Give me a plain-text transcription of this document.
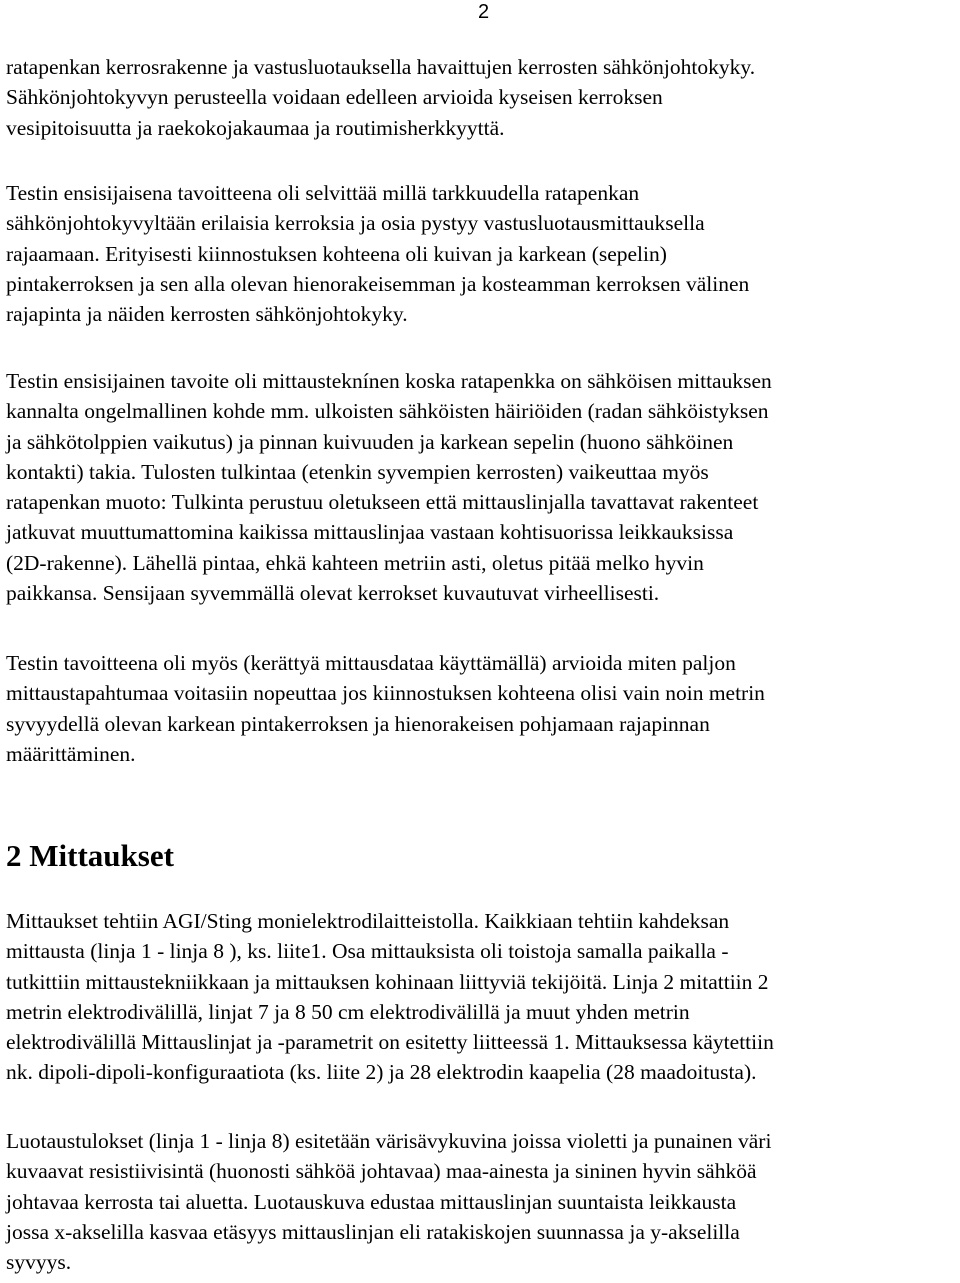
2

ratapenkan kerrosrakenne ja vastusluotauksella havaittujen kerrosten sähkönjohtokyky.
Sähkönjohtokyvyn perusteella voidaan edelleen arvioida kyseisen kerroksen
vesipitoisuutta ja raekokojakaumaa ja routimisherkkyyttä.

Testin ensisijaisena tavoitteena oli selvittää millä tarkkuudella ratapenkan
sähkönjohtokyvyltään erilaisia kerroksia ja osia pystyy vastusluotausmittauksella
rajaamaan. Erityisesti kiinnostuksen kohteena oli kuivan ja karkean (sepelin)
pintakerroksen ja sen alla olevan hienorakeisemman ja kosteamman kerroksen välinen
rajapinta ja näiden kerrosten sähkönjohtokyky.

Testin ensisijainen tavoite oli mittausteknínen koska ratapenkka on sähköisen mittauksen
kannalta ongelmallinen kohde mm. ulkoisten sähköisten häiriöiden (radan sähköistyksen
ja sähkötolppien vaikutus) ja pinnan kuivuuden ja karkean sepelin (huono sähköinen
kontakti) takia. Tulosten tulkintaa (etenkin syvempien kerrosten) vaikeuttaa myös
ratapenkan muoto: Tulkinta perustuu oletukseen että mittauslinjalla tavattavat rakenteet
jatkuvat muuttumattomina kaikissa mittauslinjaa vastaan kohtisuorissa leikkauksissa
(2D-rakenne). Lähellä pintaa, ehkä kahteen metriin asti, oletus pitää melko hyvin
paikkansa. Sensijaan syvemmällä olevat kerrokset kuvautuvat virheellisesti.

Testin tavoitteena oli myös (kerättyä mittausdataa käyttämällä) arvioida miten paljon
mittaustapahtumaa voitasiin nopeuttaa jos kiinnostuksen kohteena olisi vain noin metrin
syvyydellä olevan karkean pintakerroksen ja hienorakeisen pohjamaan rajapinnan
määrittäminen.

2 Mittaukset

Mittaukset tehtiin AGI/Sting monielektrodilaitteistolla. Kaikkiaan tehtiin kahdeksan
mittausta (linja 1 - linja 8 ), ks. liite1. Osa mittauksista oli toistoja samalla paikalla -
tutkittiin mittaustekniikkaan ja mittauksen kohinaan liittyviä tekijöitä. Linja 2 mitattiin 2
metrin elektrodivälillä, linjat 7 ja 8 50 cm elektrodivälillä ja muut yhden metrin
elektrodivälillä Mittauslinjat ja -parametrit on esitetty liitteessä 1. Mittauksessa käytettiin
nk. dipoli-dipoli-konfiguraatiota (ks. liite 2) ja 28 elektrodin kaapelia (28 maadoitusta).

Luotaustulokset (linja 1 - linja 8) esitetään värisävykuvina joissa violetti ja punainen väri
kuvaavat resistiivisintä (huonosti sähköä johtavaa) maa-ainesta ja sininen hyvin sähköä
johtavaa kerrosta tai aluetta. Luotauskuva edustaa mittauslinjan suuntaista leikkausta
jossa x-akselilla kasvaa etäsyys mittauslinjan eli ratakiskojen suunnassa ja y-akselilla
syvyys.
